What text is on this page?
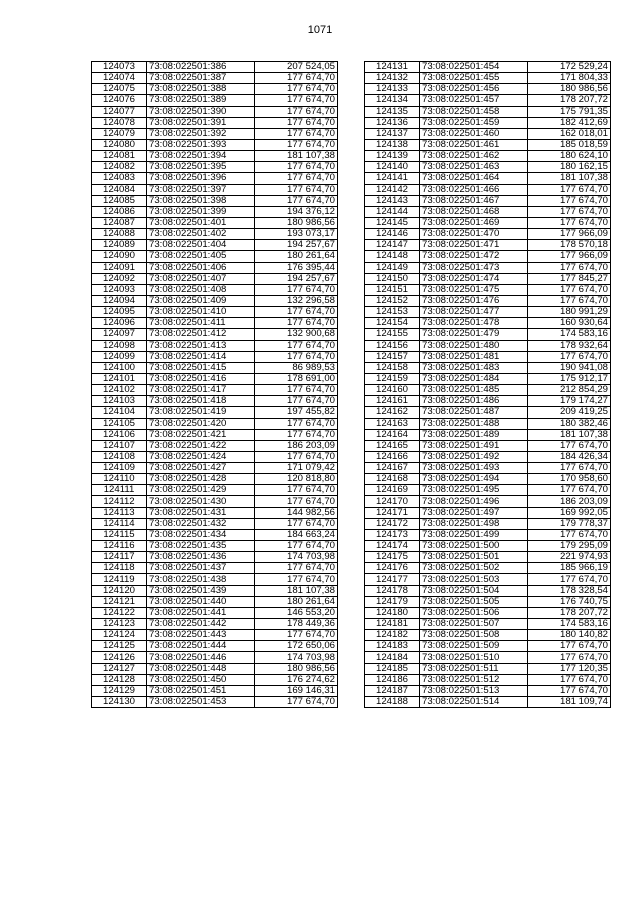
1071
124073	73:08:022501:386	207 524,05
124074	73:08:022501:387	177 674,70
124075	73:08:022501:388	177 674,70
124076	73:08:022501:389	177 674,70
124077	73:08:022501:390	177 674,70
124078	73:08:022501:391	177 674,70
124079	73:08:022501:392	177 674,70
124080	73:08:022501:393	177 674,70
124081	73:08:022501:394	181 107,38
124082	73:08:022501:395	177 674,70
124083	73:08:022501:396	177 674,70
124084	73:08:022501:397	177 674,70
124085	73:08:022501:398	177 674,70
124086	73:08:022501:399	194 376,12
124087	73:08:022501:401	180 986,56
124088	73:08:022501:402	193 073,17
124089	73:08:022501:404	194 257,67
124090	73:08:022501:405	180 261,64
124091	73:08:022501:406	176 395,44
124092	73:08:022501:407	194 257,67
124093	73:08:022501:408	177 674,70
124094	73:08:022501:409	132 296,58
124095	73:08:022501:410	177 674,70
124096	73:08:022501:411	177 674,70
124097	73:08:022501:412	132 900,68
124098	73:08:022501:413	177 674,70
124099	73:08:022501:414	177 674,70
124100	73:08:022501:415	86 989,53
124101	73:08:022501:416	178 691,00
124102	73:08:022501:417	177 674,70
124103	73:08:022501:418	177 674,70
124104	73:08:022501:419	197 455,82
124105	73:08:022501:420	177 674,70
124106	73:08:022501:421	177 674,70
124107	73:08:022501:422	186 203,09
124108	73:08:022501:424	177 674,70
124109	73:08:022501:427	171 079,42
124110	73:08:022501:428	120 818,80
124111	73:08:022501:429	177 674,70
124112	73:08:022501:430	177 674,70
124113	73:08:022501:431	144 982,56
124114	73:08:022501:432	177 674,70
124115	73:08:022501:434	184 663,24
124116	73:08:022501:435	177 674,70
124117	73:08:022501:436	174 703,98
124118	73:08:022501:437	177 674,70
124119	73:08:022501:438	177 674,70
124120	73:08:022501:439	181 107,38
124121	73:08:022501:440	180 261,64
124122	73:08:022501:441	146 553,20
124123	73:08:022501:442	178 449,36
124124	73:08:022501:443	177 674,70
124125	73:08:022501:444	172 650,06
124126	73:08:022501:446	174 703,98
124127	73:08:022501:448	180 986,56
124128	73:08:022501:450	176 274,62
124129	73:08:022501:451	169 146,31
124130	73:08:022501:453	177 674,70
124131	73:08:022501:454	172 529,24
124132	73:08:022501:455	171 804,33
124133	73:08:022501:456	180 986,56
124134	73:08:022501:457	178 207,72
124135	73:08:022501:458	175 791,35
124136	73:08:022501:459	182 412,69
124137	73:08:022501:460	162 018,01
124138	73:08:022501:461	185 018,59
124139	73:08:022501:462	180 624,10
124140	73:08:022501:463	180 162,15
124141	73:08:022501:464	181 107,38
124142	73:08:022501:466	177 674,70
124143	73:08:022501:467	177 674,70
124144	73:08:022501:468	177 674,70
124145	73:08:022501:469	177 674,70
124146	73:08:022501:470	177 966,09
124147	73:08:022501:471	178 570,18
124148	73:08:022501:472	177 966,09
124149	73:08:022501:473	177 674,70
124150	73:08:022501:474	177 845,27
124151	73:08:022501:475	177 674,70
124152	73:08:022501:476	177 674,70
124153	73:08:022501:477	180 991,29
124154	73:08:022501:478	160 930,64
124155	73:08:022501:479	174 583,16
124156	73:08:022501:480	178 932,64
124157	73:08:022501:481	177 674,70
124158	73:08:022501:483	190 941,08
124159	73:08:022501:484	175 912,17
124160	73:08:022501:485	212 854,29
124161	73:08:022501:486	179 174,27
124162	73:08:022501:487	209 419,25
124163	73:08:022501:488	180 382,46
124164	73:08:022501:489	181 107,38
124165	73:08:022501:491	177 674,70
124166	73:08:022501:492	184 426,34
124167	73:08:022501:493	177 674,70
124168	73:08:022501:494	170 958,60
124169	73:08:022501:495	177 674,70
124170	73:08:022501:496	186 203,09
124171	73:08:022501:497	169 992,05
124172	73:08:022501:498	179 778,37
124173	73:08:022501:499	177 674,70
124174	73:08:022501:500	179 295,09
124175	73:08:022501:501	221 974,93
124176	73:08:022501:502	185 966,19
124177	73:08:022501:503	177 674,70
124178	73:08:022501:504	178 328,54
124179	73:08:022501:505	176 740,75
124180	73:08:022501:506	178 207,72
124181	73:08:022501:507	174 583,16
124182	73:08:022501:508	180 140,82
124183	73:08:022501:509	177 674,70
124184	73:08:022501:510	177 674,70
124185	73:08:022501:511	177 120,35
124186	73:08:022501:512	177 674,70
124187	73:08:022501:513	177 674,70
124188	73:08:022501:514	181 109,74
